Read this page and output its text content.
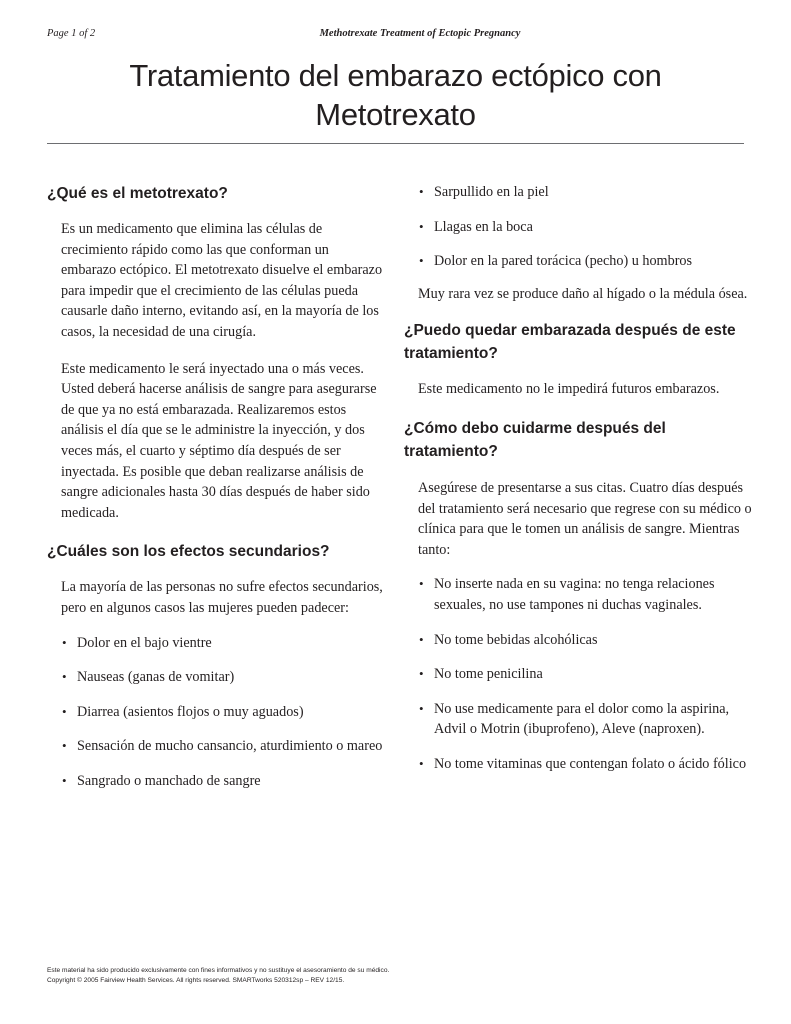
Page 1 of 2	Methotrexate Treatment of Ectopic Pregnancy
Tratamiento del embarazo ectópico con
Metotrexato
¿Qué es el metotrexato?

Es un medicamento que elimina las células de crecimiento rápido como las que conforman un embarazo ectópico. El metotrexato disuelve el embarazo para impedir que el crecimiento de las células pueda causarle daño interno, evitando así, en la mayoría de los casos, la necesidad de una cirugía.

Este medicamento le será inyectado una o más veces. Usted deberá hacerse análisis de sangre para asegurarse de que ya no está embarazada. Realizaremos estos análisis el día que se le administre la inyección, y dos veces más, el cuarto y séptimo día después de ser inyectada. Es posible que deban realizarse análisis de sangre adicionales hasta 30 días después de haber sido medicada.

¿Cuáles son los efectos secundarios?

La mayoría de las personas no sufre efectos secundarios, pero en algunos casos las mujeres pueden padecer:

• Dolor en el bajo vientre
• Nauseas (ganas de vomitar)
• Diarrea (asientos flojos o muy aguados)
• Sensación de mucho cansancio, aturdimiento o mareo
• Sangrado o manchado de sangre
• Sarpullido en la piel
• Llagas en la boca
• Dolor en la pared torácica (pecho) u hombros

Muy rara vez se produce daño al hígado o la médula ósea.

¿Puedo quedar embarazada después de este tratamiento?

Este medicamento no le impedirá futuros embarazos.

¿Cómo debo cuidarme después del tratamiento?

Asegúrese de presentarse a sus citas. Cuatro días después del tratamiento será necesario que regrese con su médico o clínica para que le tomen un análisis de sangre. Mientras tanto:

• No inserte nada en su vagina: no tenga relaciones sexuales, no use tampones ni duchas vaginales.
• No tome bebidas alcohólicas
• No tome penicilina
• No use medicamente para el dolor como la aspirina, Advil o Motrin (ibuprofeno), Aleve (naproxen).
• No tome vitaminas que contengan folato o ácido fólico
Este material ha sido producido exclusivamente con fines informativos y no sustituye el asesoramiento de su médico.
Copyright © 2005 Fairview Health Services. All rights reserved. SMARTworks 520312sp – REV 12/15.
